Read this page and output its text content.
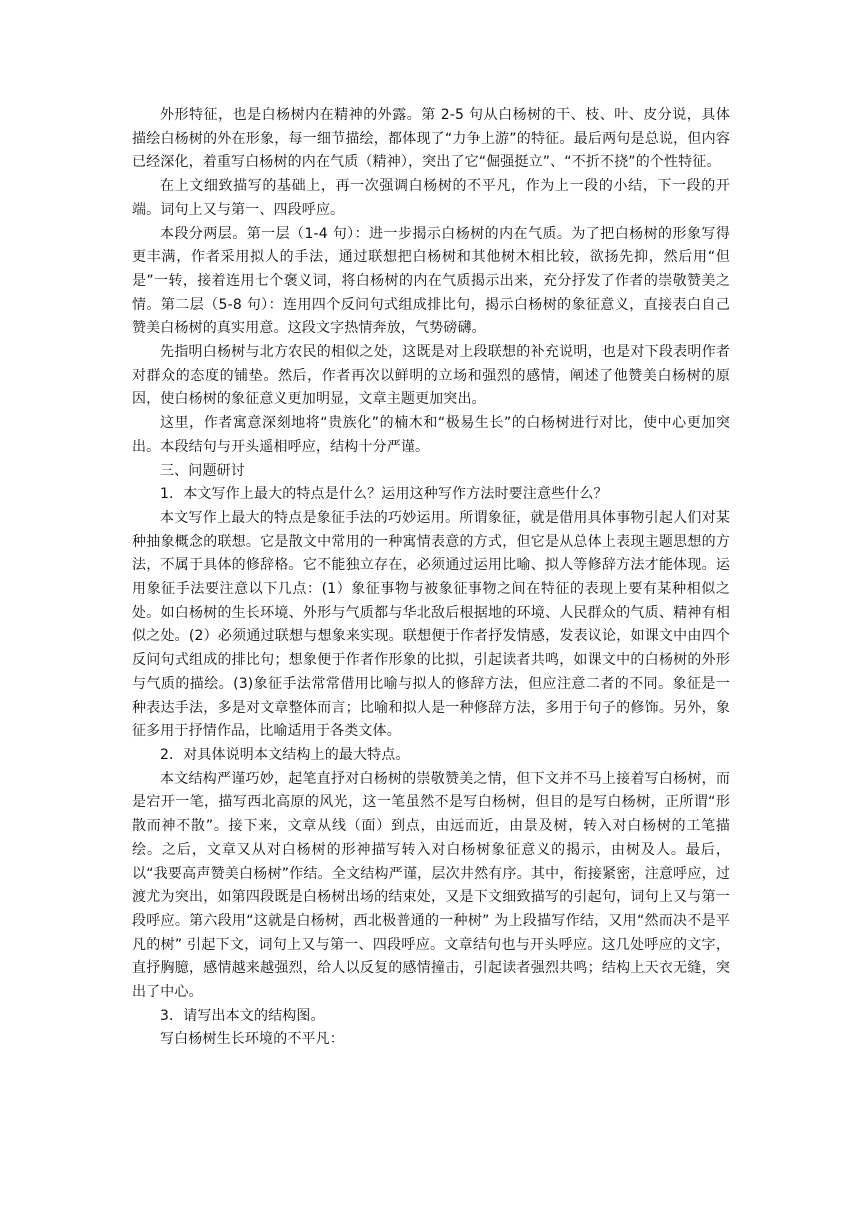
外形特征，也是白杨树内在精神的外露。第 2-5 句从白杨树的干、枝、叶、皮分说，具体描绘白杨树的外在形象，每一细节描绘，都体现了“力争上游”的特征。最后两句是总说，但内容已经深化，着重写白杨树的内在气质（精神），突出了它“倔强挺立”、“不折不挠”的个性特征。

在上文细致描写的基础上，再一次强调白杨树的不平凡，作为上一段的小结，下一段的开端。词句上又与第一、四段呼应。

本段分两层。第一层（1-4 句）：进一步揭示白杨树的内在气质。为了把白杨树的形象写得更丰满，作者采用拟人的手法，通过联想把白杨树和其他树木相比较，欲扬先抑，然后用“但是”一转，接着连用七个褒义词，将白杨树的内在气质揭示出来，充分抒发了作者的崇敬赞美之情。第二层（5-8 句）：连用四个反问句式组成排比句，揭示白杨树的象征意义，直接表白自己赞美白杨树的真实用意。这段文字热情奔放，气势磅礴。

先指明白杨树与北方农民的相似之处，这既是对上段联想的补充说明，也是对下段表明作者对群众的态度的铺垫。然后，作者再次以鲜明的立场和强烈的感情，阐述了他赞美白杨树的原因，使白杨树的象征意义更加明显，文章主题更加突出。

这里，作者寓意深刻地将“贵族化”的楠木和“极易生长”的白杨树进行对比，使中心更加突出。本段结句与开头遥相呼应，结构十分严谨。

三、问题研讨

1．本文写作上最大的特点是什么？运用这种写作方法时要注意些什么？

本文写作上最大的特点是象征手法的巧妙运用。所谓象征，就是借用具体事物引起人们对某种抽象概念的联想。它是散文中常用的一种寓情表意的方式，但它是从总体上表现主题思想的方法，不属于具体的修辞格。它不能独立存在，必须通过运用比喻、拟人等修辞方法才能体现。运用象征手法要注意以下几点：(1）象征事物与被象征事物之间在特征的表现上要有某种相似之处。如白杨树的生长环境、外形与气质都与华北敌后根据地的环境、人民群众的气质、精神有相似之处。(2）必须通过联想与想象来实现。联想便于作者抒发情感，发表议论，如课文中由四个反问句式组成的排比句；想象便于作者作形象的比拟，引起读者共鸣，如课文中的白杨树的外形与气质的描绘。(3)象征手法常常借用比喻与拟人的修辞方法，但应注意二者的不同。象征是一种表达手法，多是对文章整体而言；比喻和拟人是一种修辞方法，多用于句子的修饰。另外，象征多用于抒情作品，比喻适用于各类文体。

2．对具体说明本文结构上的最大特点。

本文结构严谨巧妙，起笔直抒对白杨树的崇敬赞美之情，但下文并不马上接着写白杨树，而是宕开一笔，描写西北高原的风光，这一笔虽然不是写白杨树，但目的是写白杨树，正所谓“形散而神不散”。接下来，文章从线（面）到点，由远而近，由景及树，转入对白杨树的工笔描绘。之后，文章又从对白杨树的形神描写转入对白杨树象征意义的揭示，由树及人。最后，以“我要高声赞美白杨树”作结。全文结构严谨，层次井然有序。其中，衔接紧密，注意呼应，过渡尤为突出，如第四段既是白杨树出场的结束处，又是下文细致描写的引起句，词句上又与第一段呼应。第六段用“这就是白杨树，西北极普通的一种树” 为上段描写作结，又用“然而决不是平凡的树” 引起下文，词句上又与第一、四段呼应。文章结句也与开头呼应。这几处呼应的文字，直抒胸臆，感情越来越强烈，给人以反复的感情撞击，引起读者强烈共鸣；结构上天衣无缝，突出了中心。

3．请写出本文的结构图。

写白杨树生长环境的不平凡：
